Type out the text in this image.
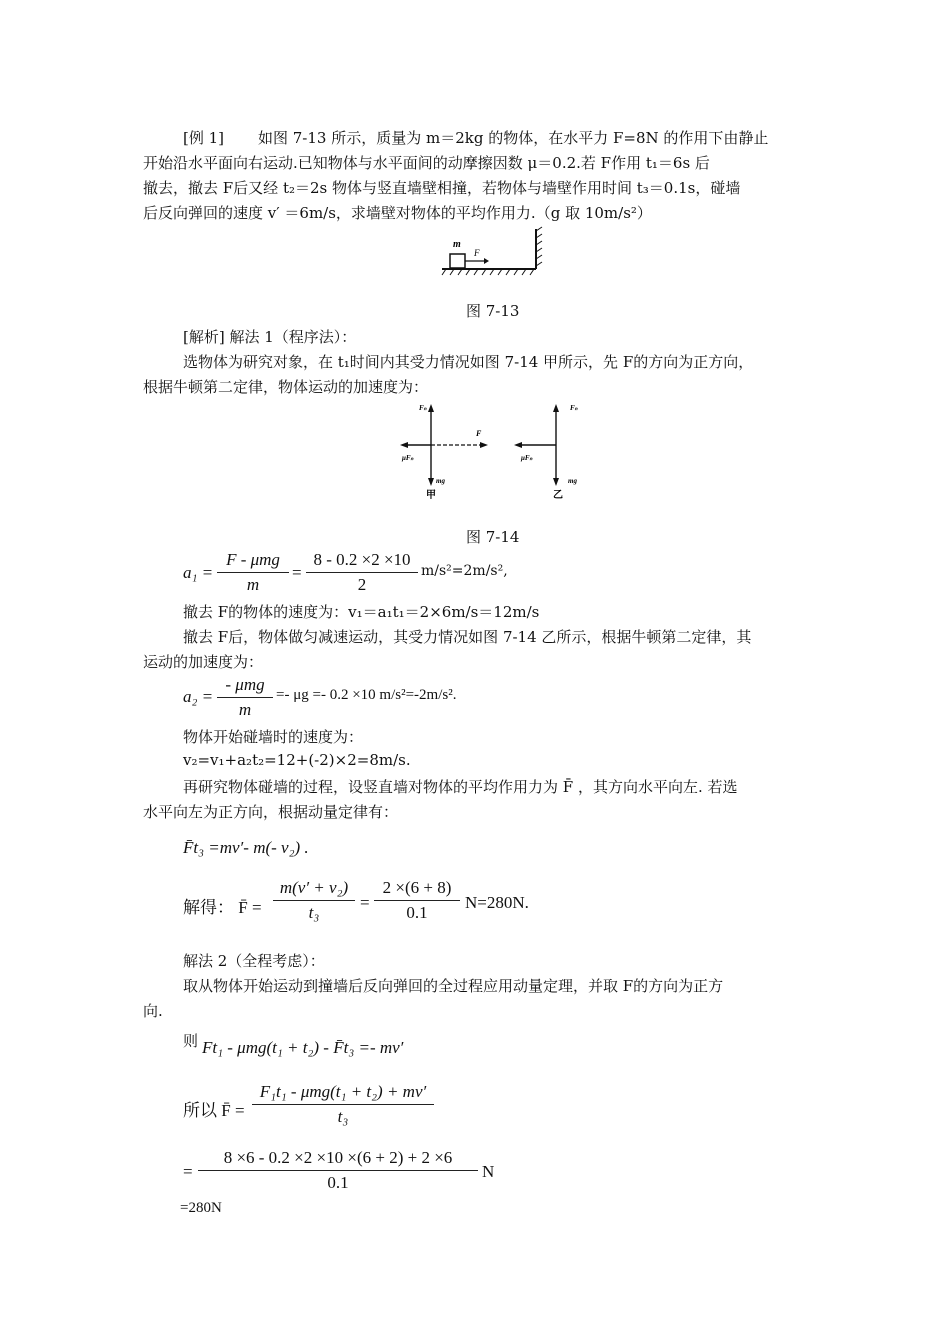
[例 1] 如图 7-13 所示，质量为 m＝2kg 的物体，在水平力 F=8N 的作用下由静止
开始沿水平面向右运动.已知物体与水平面间的动摩擦因数 μ＝0.2.若 F作用 t₁＝6s 后
撤去，撤去 F后又经 t₂＝2s 物体与竖直墙壁相撞，若物体与墙壁作用时间 t₃＝0.1s，碰墙
后反向弹回的速度 v′ ＝6m/s，求墙壁对物体的平均作用力.（g 取 10m/s²）
m
F
图 7-13
[解析] 解法 1（程序法）：
选物体为研究对象，在 t₁时间内其受力情况如图 7-14 甲所示，先 F的方向为正方向，
根据牛顿第二定律，物体运动的加速度为：
Fₙ
F
μFₙ
mg
甲
Fₙ
μFₙ
mg
乙
图 7-14
a₁ =
F - μmg
m
=
8 - 0.2 ×2 ×10
2
m/s²=2m/s²,
撤去 F的物体的速度为：v₁＝a₁t₁＝2×6m/s＝12m/s
撤去 F后，物体做匀减速运动，其受力情况如图 7-14 乙所示，根据牛顿第二定律，其
运动的加速度为：
a₂ =
- μmg
m
=- μg =- 0.2 ×10 m/s²=-2m/s².
物体开始碰墙时的速度为：
v₂=v₁+a₂t₂=12+(-2)×2=8m/s.
再研究物体碰墙的过程，设竖直墙对物体的平均作用力为 F̄ ，其方向水平向左. 若选
水平向左为正方向，根据动量定律有：
F̄t₃ =mv′- m(- v₂) .
解得： F̄ =
m(v′ + v₂)
t₃
=
2 ×(6 + 8)
0.1
N=280N.
解法 2（全程考虑）：
取从物体开始运动到撞墙后反向弹回的全过程应用动量定理，并取 F的方向为正方
向.
则 Ft₁ - μmg(t₁ + t₂) - F̄t₃ =- mv′
所以 F̄ =
F₁t₁ - μmg(t₁ + t₂) + mv′
t₃
=
8 ×6 - 0.2 ×2 ×10 ×(6 + 2) + 2 ×6
0.1
N
=280N
